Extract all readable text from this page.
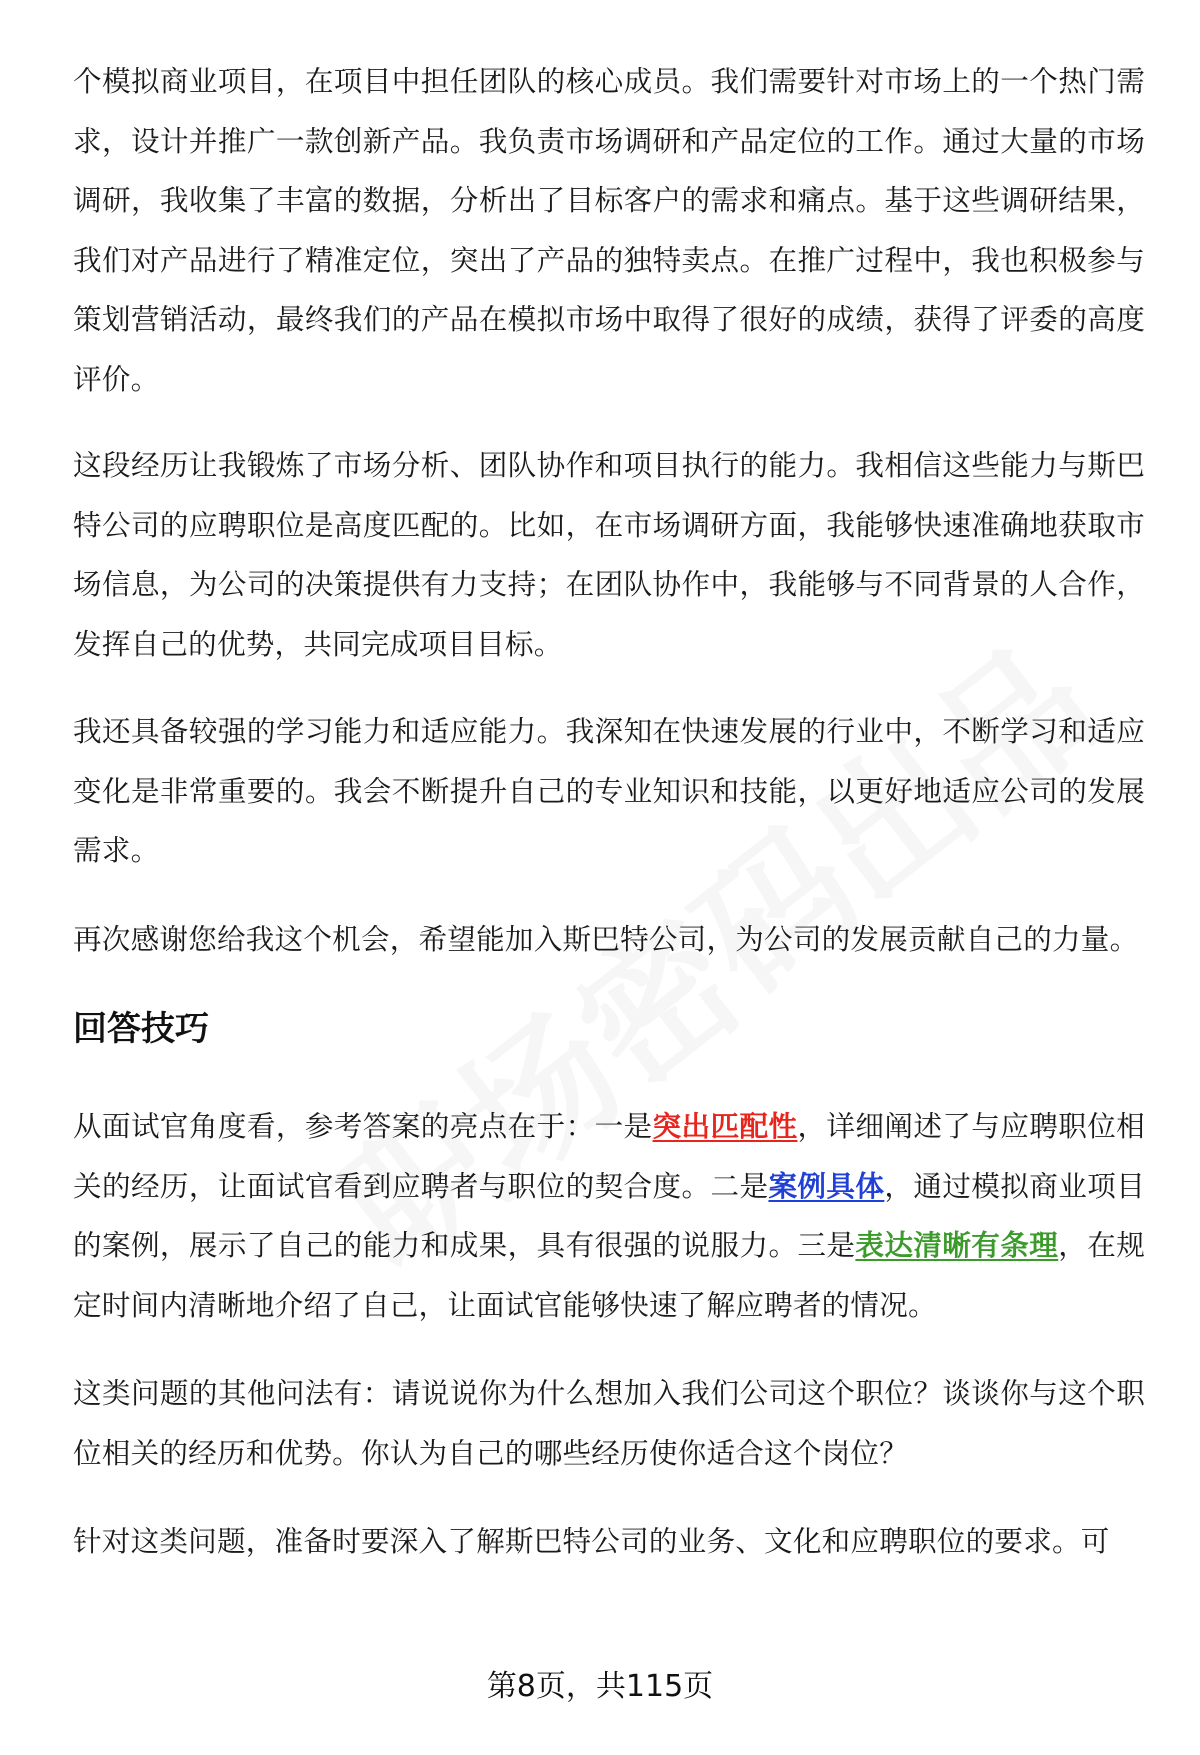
个模拟商业项目，在项目中担任团队的核心成员。我们需要针对市场上的一个热门需求，设计并推广一款创新产品。我负责市场调研和产品定位的工作。通过大量的市场调研，我收集了丰富的数据，分析出了目标客户的需求和痛点。基于这些调研结果，我们对产品进行了精准定位，突出了产品的独特卖点。在推广过程中，我也积极参与策划营销活动，最终我们的产品在模拟市场中取得了很好的成绩，获得了评委的高度评价。

这段经历让我锻炼了市场分析、团队协作和项目执行的能力。我相信这些能力与斯巴特公司的应聘职位是高度匹配的。比如，在市场调研方面，我能够快速准确地获取市场信息，为公司的决策提供有力支持；在团队协作中，我能够与不同背景的人合作，发挥自己的优势，共同完成项目目标。

我还具备较强的学习能力和适应能力。我深知在快速发展的行业中，不断学习和适应变化是非常重要的。我会不断提升自己的专业知识和技能，以更好地适应公司的发展需求。

再次感谢您给我这个机会，希望能加入斯巴特公司，为公司的发展贡献自己的力量。

回答技巧

从面试官角度看，参考答案的亮点在于：一是突出匹配性，详细阐述了与应聘职位相关的经历，让面试官看到应聘者与职位的契合度。二是案例具体，通过模拟商业项目的案例，展示了自己的能力和成果，具有很强的说服力。三是表达清晰有条理，在规定时间内清晰地介绍了自己，让面试官能够快速了解应聘者的情况。

这类问题的其他问法有：请说说你为什么想加入我们公司这个职位？谈谈你与这个职位相关的经历和优势。你认为自己的哪些经历使你适合这个岗位？

针对这类问题，准备时要深入了解斯巴特公司的业务、文化和应聘职位的要求。可

第8页，共115页
